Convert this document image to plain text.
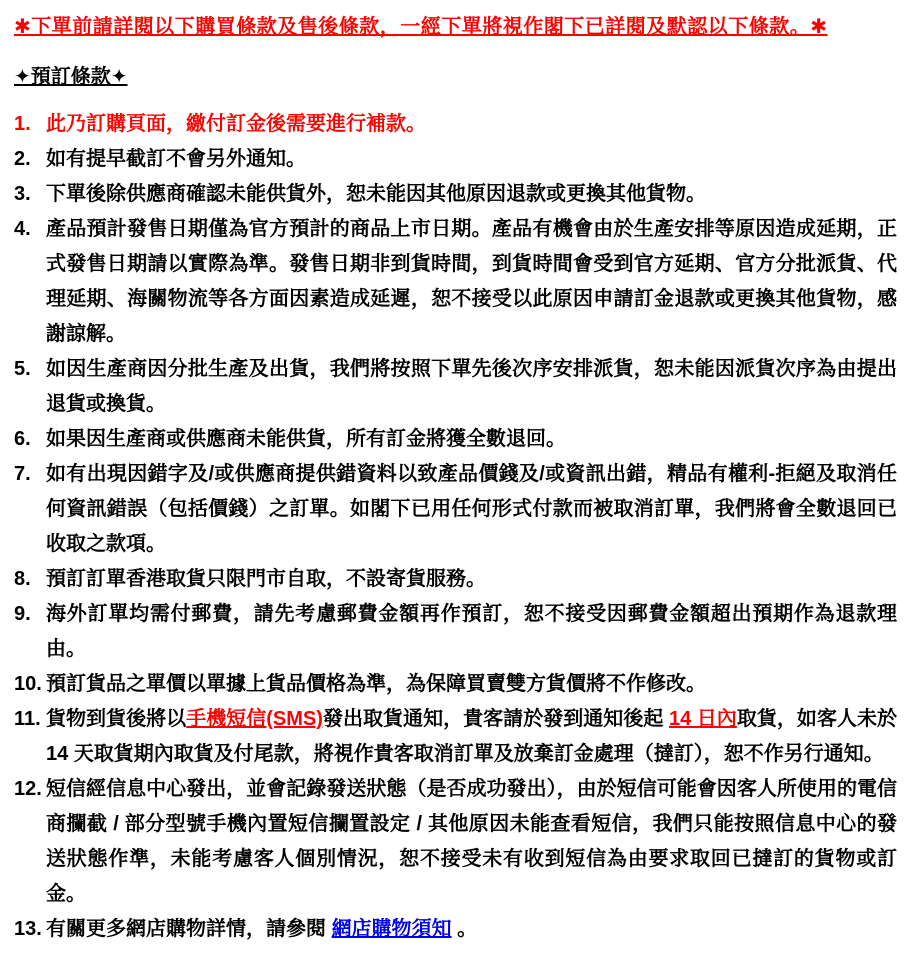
✱下單前請詳閱以下購買條款及售後條款，一經下單將視作閣下已詳閱及默認以下條款。✱
✦預訂條款✦
1. 此乃訂購頁面，繳付訂金後需要進行補款。
2. 如有提早截訂不會另外通知。
3. 下單後除供應商確認未能供貨外，恕未能因其他原因退款或更換其他貨物。
4. 產品預計發售日期僅為官方預計的商品上市日期。產品有機會由於生產安排等原因造成延期，正式發售日期請以實際為準。發售日期非到貨時間，到貨時間會受到官方延期、官方分批派貨、代理延期、海關物流等各方面因素造成延遲，恕不接受以此原因申請訂金退款或更換其他貨物，感謝諒解。
5. 如因生產商因分批生產及出貨，我們將按照下單先後次序安排派貨，恕未能因派貨次序為由提出退貨或換貨。
6. 如果因生產商或供應商未能供貨，所有訂金將獲全數退回。
7. 如有出現因錯字及/或供應商提供錯資料以致產品價錢及/或資訊出錯，精品有權利-拒絕及取消任何資訊錯誤（包括價錢）之訂單。如閣下已用任何形式付款而被取消訂單，我們將會全數退回已收取之款項。
8. 預訂訂單香港取貨只限門市自取，不設寄貨服務。
9. 海外訂單均需付郵費，請先考慮郵費金額再作預訂，恕不接受因郵費金額超出預期作為退款理由。
10. 預訂貨品之單價以單據上貨品價格為準，為保障買賣雙方貨價將不作修改。
11. 貨物到貨後將以手機短信(SMS)發出取貨通知，貴客請於發到通知後起 14 日內取貨，如客人未於 14 天取貨期內取貨及付尾款，將視作貴客取消訂單及放棄訂金處理（撻訂），恕不作另行通知。
12. 短信經信息中心發出，並會記錄發送狀態（是否成功發出），由於短信可能會因客人所使用的電信商攔截 / 部分型號手機內置短信攔置設定 / 其他原因未能查看短信，我們只能按照信息中心的發送狀態作準，未能考慮客人個別情況，恕不接受未有收到短信為由要求取回已撻訂的貨物或訂金。
13. 有關更多網店購物詳情，請參閱 網店購物須知 。
